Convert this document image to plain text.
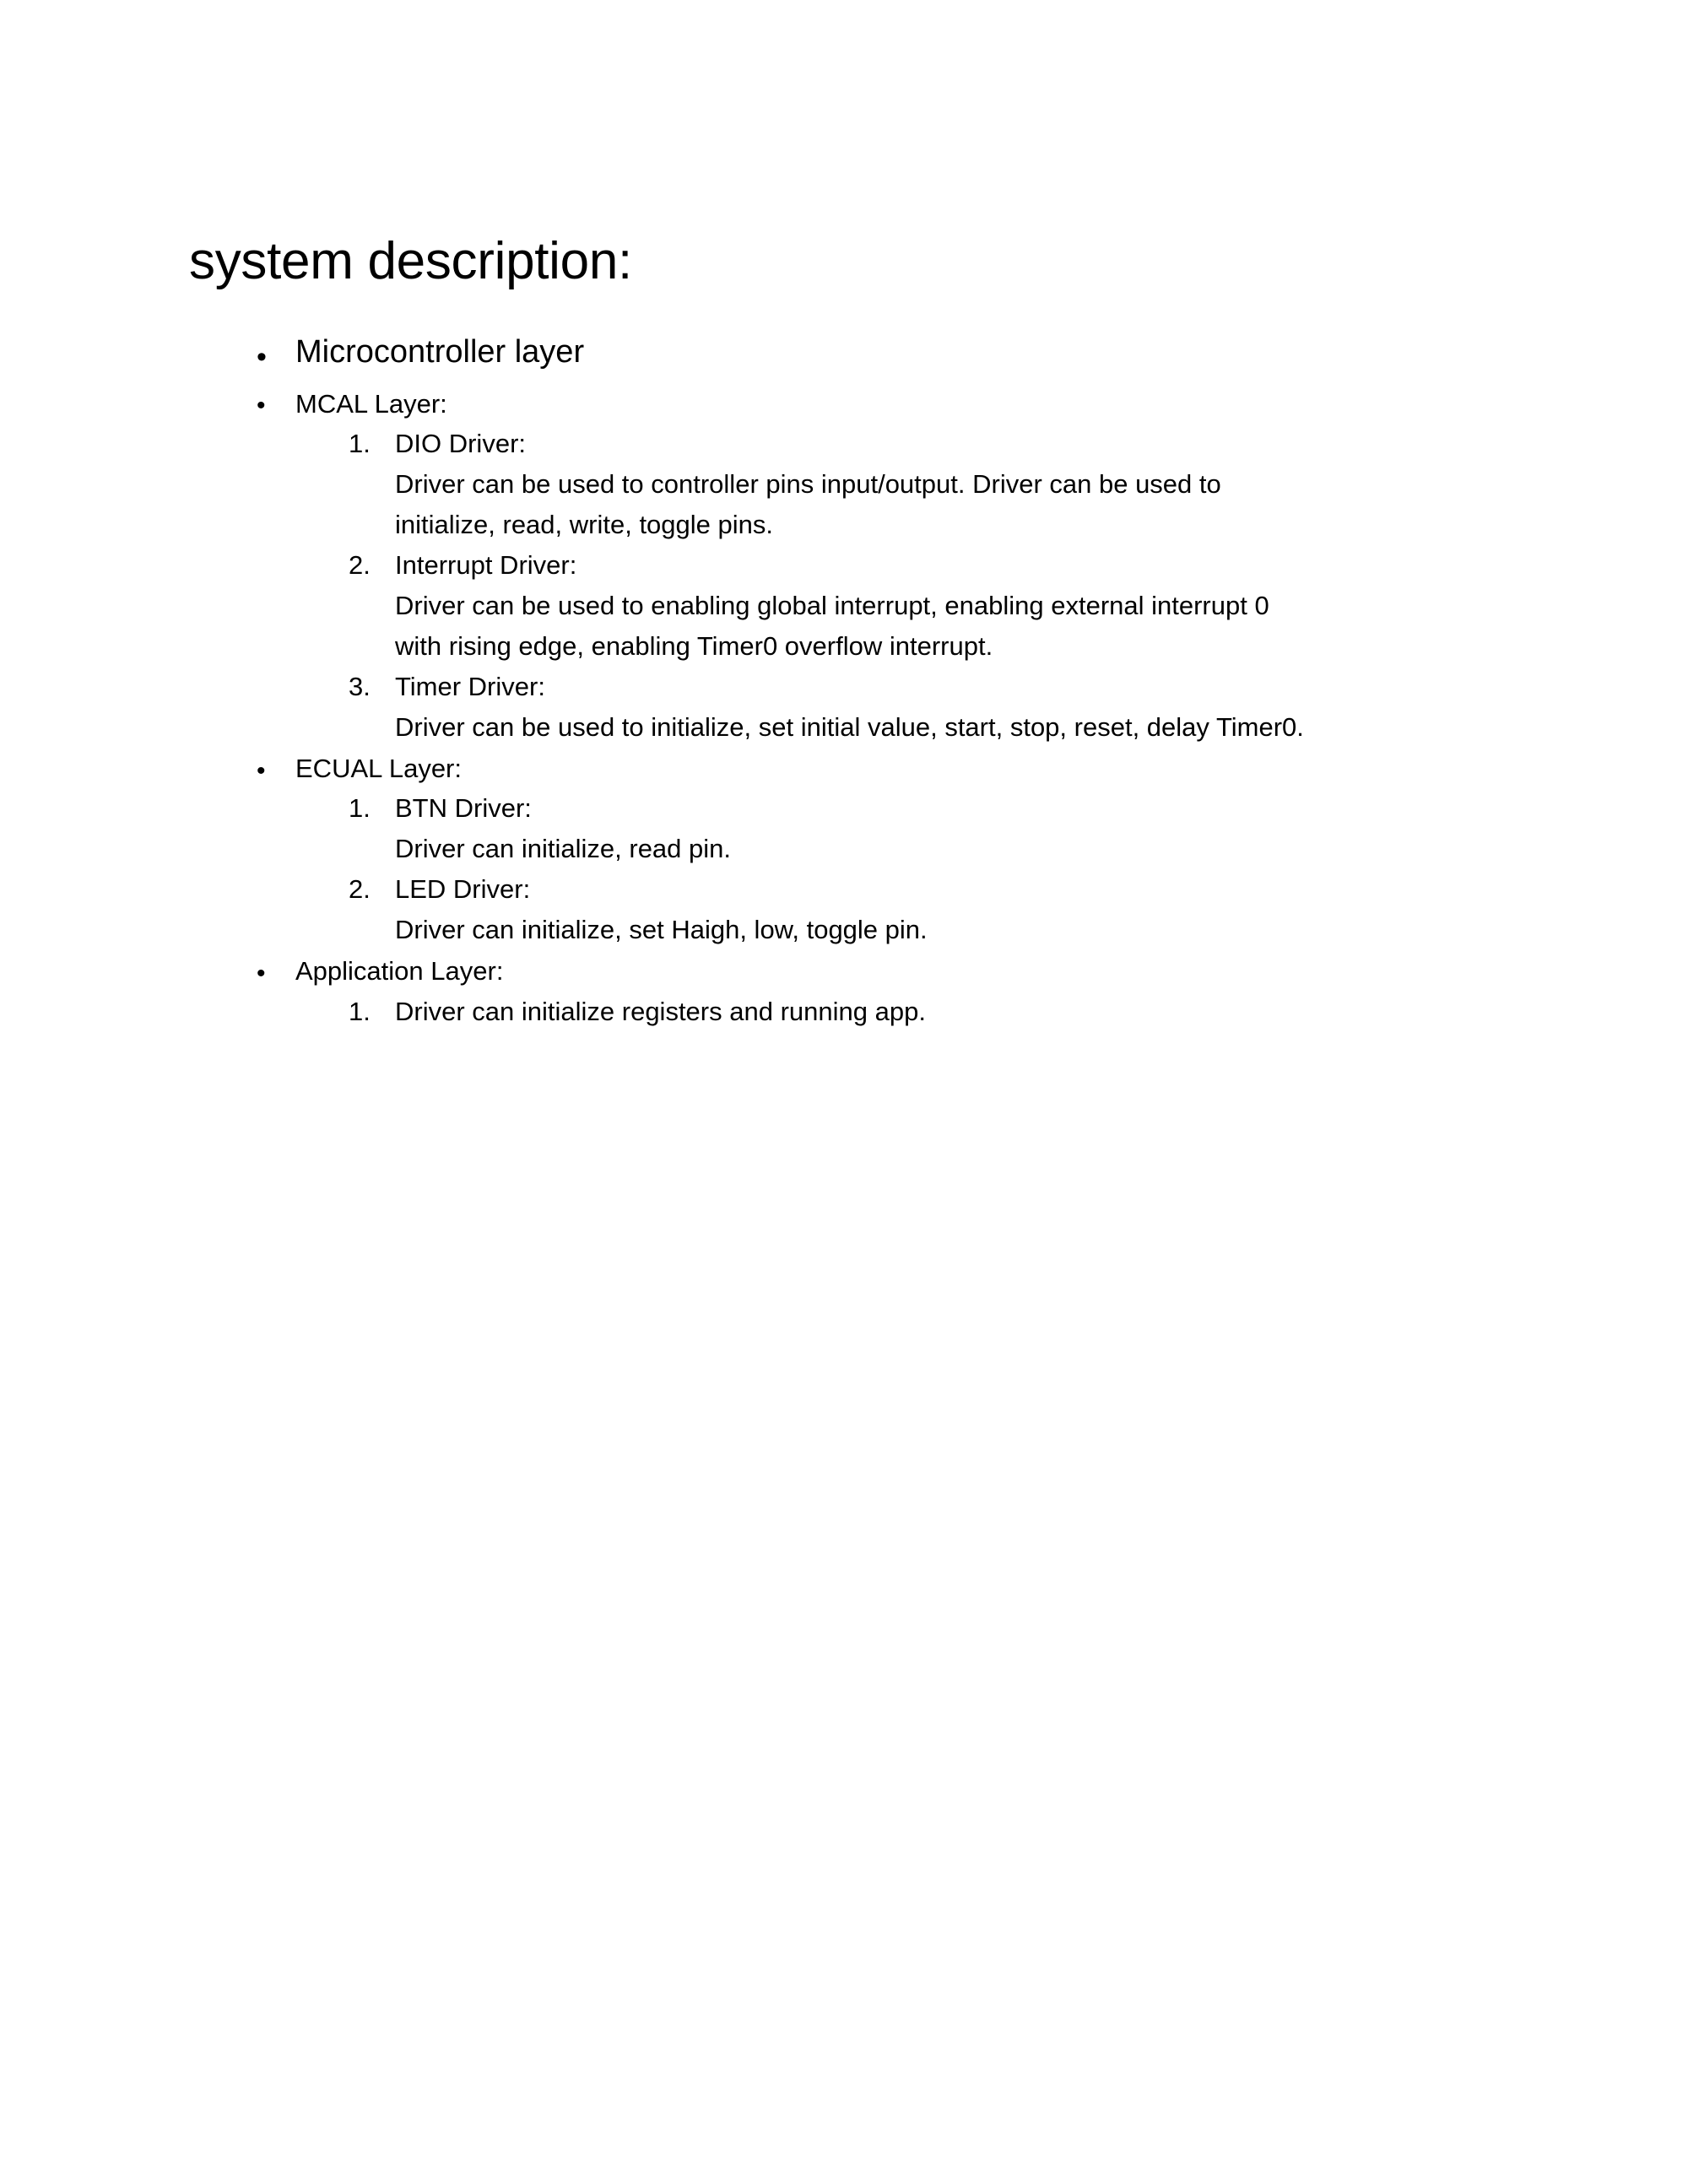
system description:
• Microcontroller layer
• MCAL Layer:
1. DIO Driver:
Driver can be used to controller pins input/output. Driver can be used to
initialize, read, write, toggle pins.
2. Interrupt Driver:
Driver can be used to enabling global interrupt, enabling external interrupt 0
with rising edge, enabling Timer0 overflow interrupt.
3. Timer Driver:
Driver can be used to initialize, set initial value, start, stop, reset, delay Timer0.
• ECUAL Layer:
1. BTN Driver:
Driver can initialize, read pin.
2. LED Driver:
Driver can initialize, set Haigh, low, toggle pin.
• Application Layer:
1. Driver can initialize registers and running app.
